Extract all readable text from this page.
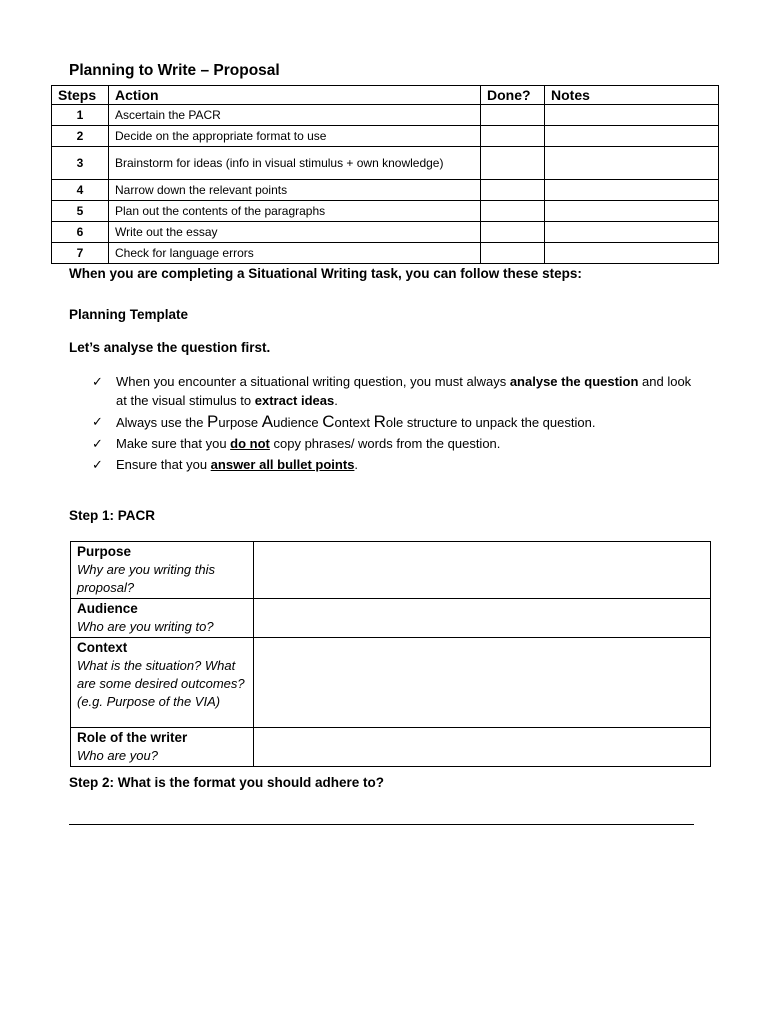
Planning to Write – Proposal
Steps	Action	Done?	Notes
1	Ascertain the PACR		
2	Decide on the appropriate format to use		
3	Brainstorm for ideas (info in visual stimulus + own knowledge)		
4	Narrow down the relevant points		
5	Plan out the contents of the paragraphs		
6	Write out the essay		
7	Check for language errors		
When you are completing a Situational Writing task, you can follow these steps:
Planning Template
Let’s analyse the question first.
✓ When you encounter a situational writing question, you must always analyse the question and look at the visual stimulus to extract ideas.
✓ Always use the Purpose Audience Context Role structure to unpack the question.
✓ Make sure that you do not copy phrases/ words from the question.
✓ Ensure that you answer all bullet points.
Step 1: PACR
Purpose
Why are you writing this proposal?	

Audience
Who are you writing to?	

Context
What is the situation? What are some desired outcomes? (e.g. Purpose of the VIA)	

Role of the writer
Who are you?	

Step 2: What is the format you should adhere to?
